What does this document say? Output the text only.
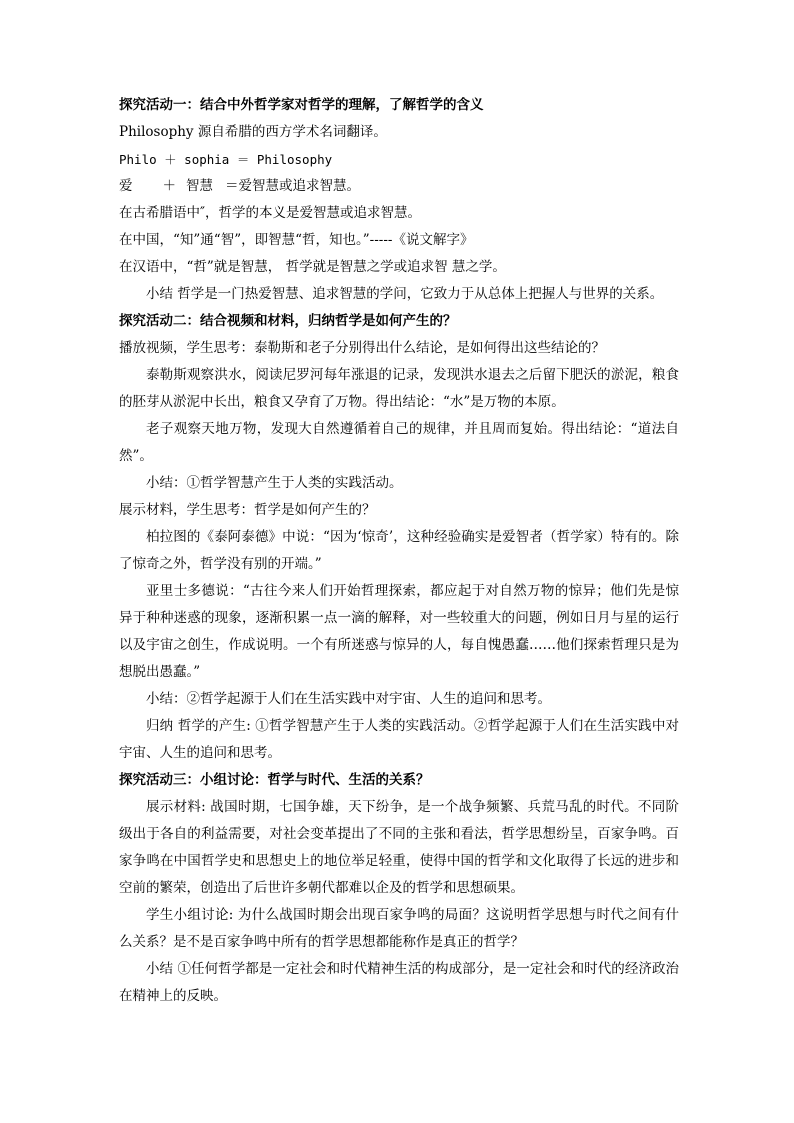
探究活动一：结合中外哲学家对哲学的理解，了解哲学的含义

Philosophy 源自希腊的西方学术名词翻译。

Philo ＋ sophia ＝ Philosophy

爱 ＋ 智慧 ＝爱智慧或追求智慧。

在古希腊语中″，哲学的本义是爱智慧或追求智慧。

在中国，“知”通“智”，即智慧“哲，知也。”-----《说文解字》

在汉语中，“哲”就是智慧， 哲学就是智慧之学或追求智 慧之学。

小结 哲学是一门热爱智慧、追求智慧的学问，它致力于从总体上把握人与世界的关系。

探究活动二：结合视频和材料，归纳哲学是如何产生的？

播放视频，学生思考：泰勒斯和老子分别得出什么结论，是如何得出这些结论的？

泰勒斯观察洪水，阅读尼罗河每年涨退的记录，发现洪水退去之后留下肥沃的淤泥，粮食的胚芽从淤泥中长出，粮食又孕育了万物。得出结论：“水”是万物的本原。

老子观察天地万物，发现大自然遵循着自己的规律，并且周而复始。得出结论：“道法自然”。

小结：①哲学智慧产生于人类的实践活动。

展示材料，学生思考：哲学是如何产生的？

柏拉图的《泰阿泰德》中说：“因为‘惊奇’，这种经验确实是爱智者（哲学家）特有的。除了惊奇之外，哲学没有别的开端。”

亚里士多德说：“古往今来人们开始哲理探索，都应起于对自然万物的惊异；他们先是惊异于种种迷惑的现象，逐渐积累一点一滴的解释，对一些较重大的问题，例如日月与星的运行以及宇宙之创生，作成说明。一个有所迷惑与惊异的人，每自愧愚蠢……他们探索哲理只是为想脱出愚蠢。”

小结：②哲学起源于人们在生活实践中对宇宙、人生的追问和思考。

归纳 哲学的产生: ①哲学智慧产生于人类的实践活动。②哲学起源于人们在生活实践中对宇宙、人生的追问和思考。

探究活动三：小组讨论：哲学与时代、生活的关系？

展示材料: 战国时期，七国争雄，天下纷争，是一个战争频繁、兵荒马乱的时代。不同阶级出于各自的利益需要，对社会变革提出了不同的主张和看法，哲学思想纷呈，百家争鸣。百家争鸣在中国哲学史和思想史上的地位举足轻重，使得中国的哲学和文化取得了长远的进步和空前的繁荣，创造出了后世许多朝代都难以企及的哲学和思想硕果。

学生小组讨论: 为什么战国时期会出现百家争鸣的局面？这说明哲学思想与时代之间有什么关系？是不是百家争鸣中所有的哲学思想都能称作是真正的哲学？

小结 ①任何哲学都是一定社会和时代精神生活的构成部分，是一定社会和时代的经济政治在精神上的反映。
